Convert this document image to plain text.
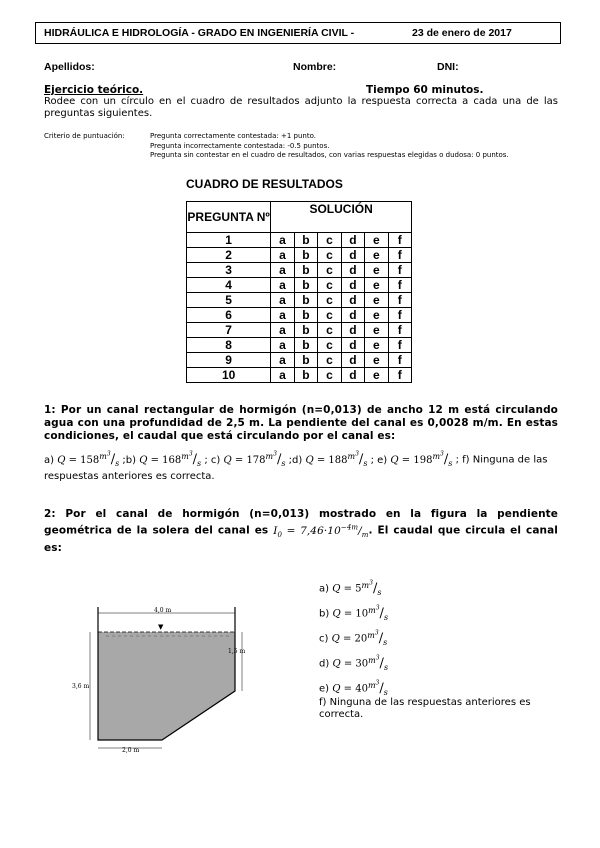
HIDRÁULICA E HIDROLOGÍA - GRADO EN INGENIERÍA CIVIL -	23 de enero de 2017
Apellidos:	Nombre:	DNI:
Ejercicio teórico.	Tiempo 60 minutos.
Rodee con un círculo en el cuadro de resultados adjunto la respuesta correcta a cada una de las preguntas siguientes.
Criterio de puntuación:	Pregunta correctamente contestada: +1 punto.
Pregunta incorrectamente contestada: -0.5 puntos.
Pregunta sin contestar en el cuadro de resultados, con varias respuestas elegidas o dudosa: 0 puntos.
CUADRO DE RESULTADOS
PREGUNTA Nº	SOLUCIÓN					
1	a	b	c	d	e	f
2	a	b	c	d	e	f
3	a	b	c	d	e	f
4	a	b	c	d	e	f
5	a	b	c	d	e	f
6	a	b	c	d	e	f
7	a	b	c	d	e	f
8	a	b	c	d	e	f
9	a	b	c	d	e	f
10	a	b	c	d	e	f
1: Por un canal rectangular de hormigón (n=0,013) de ancho 12 m está circulando agua con una profundidad de 2,5 m. La pendiente del canal es 0,0028 m/m. En estas condiciones, el caudal que está circulando por el canal es:
a) $Q = 158^{m^3}/_s$ ;b) $Q = 168^{m^3}/_s$ ; c) $Q = 178^{m^3}/_s$ ;d) $Q = 188^{m^3}/_s$ ; e) $Q = 198^{m^3}/_s$ ; f) Ninguna de las respuestas anteriores es correcta.
2: Por el canal de hormigón (n=0,013) mostrado en la figura la pendiente geométrica de la solera del canal es $I_0 = 7,46\cdot 10^{-4m}/_m$. El caudal que circula el canal es:
▼
4,0 m
3,6 m
1,5 m
2,0 m
a) $Q = 5^{m^3}/_s$
b) $Q = 10^{m^3}/_s$
c) $Q = 20^{m^3}/_s$
d) $Q = 30^{m^3}/_s$
e) $Q = 40^{m^3}/_s$
f) Ninguna de las respuestas anteriores es correcta.
